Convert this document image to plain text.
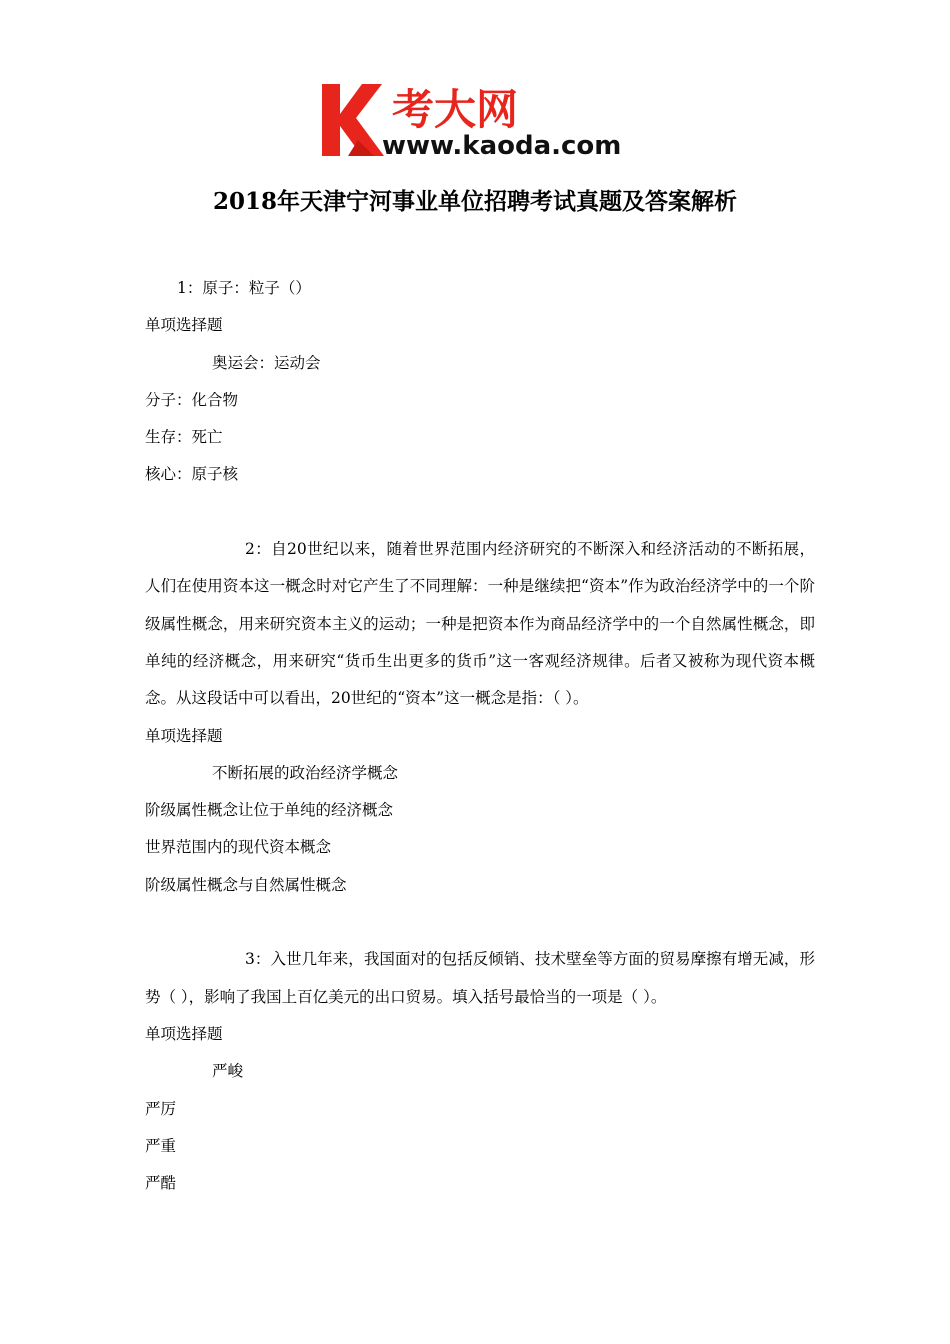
考大网
www.kaoda.com
2018年天津宁河事业单位招聘考试真题及答案解析
1：原子：粒子（）
单项选择题
奥运会：运动会
分子：化合物
生存：死亡
核心：原子核
2：自20世纪以来，随着世界范围内经济研究的不断深入和经济活动的不断拓展，人们在使用资本这一概念时对它产生了不同理解：一种是继续把“资本”作为政治经济学中的一个阶级属性概念，用来研究资本主义的运动；一种是把资本作为商品经济学中的一个自然属性概念，即单纯的经济概念，用来研究“货币生出更多的货币”这一客观经济规律。后者又被称为现代资本概念。从这段话中可以看出，20世纪的“资本”这一概念是指：（ ）。
单项选择题
不断拓展的政治经济学概念
阶级属性概念让位于单纯的经济概念
世界范围内的现代资本概念
阶级属性概念与自然属性概念
3：入世几年来，我国面对的包括反倾销、技术壁垒等方面的贸易摩擦有增无减，形势（ ），影响了我国上百亿美元的出口贸易。填入括号最恰当的一项是（ ）。
单项选择题
严峻
严厉
严重
严酷
